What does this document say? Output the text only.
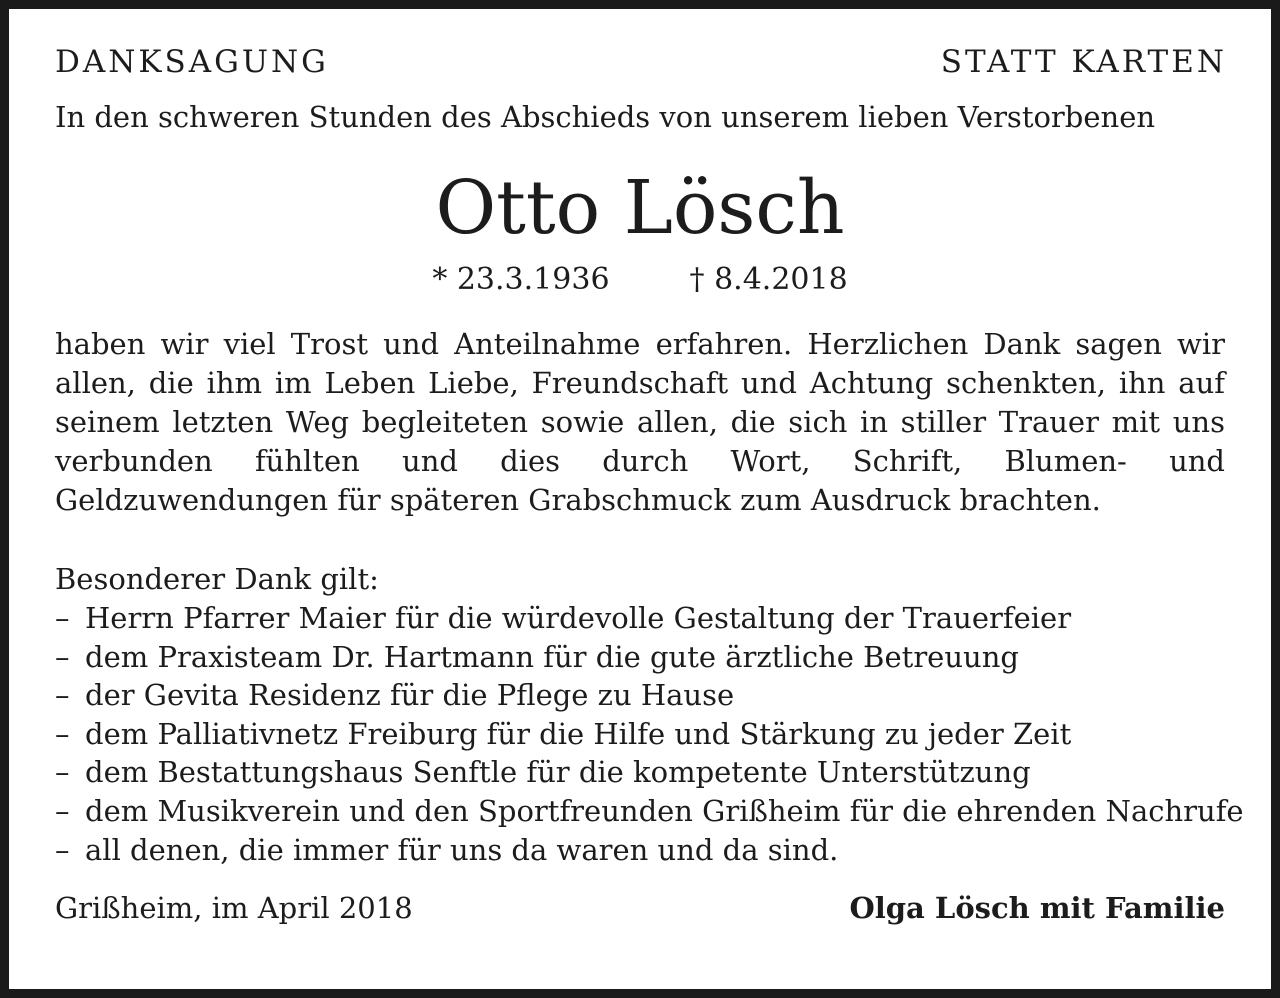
DANKSAGUNG	STATT KARTEN
In den schweren Stunden des Abschieds von unserem lieben Verstorbenen
Otto Lösch
* 23.3.1936	† 8.4.2018
haben wir viel Trost und Anteilnahme erfahren. Herzlichen Dank sagen wir allen, die ihm im Leben Liebe, Freundschaft und Achtung schenkten, ihn auf seinem letzten Weg begleiteten sowie allen, die sich in stiller Trauer mit uns verbunden fühlten und dies durch Wort, Schrift, Blumen- und Geldzuwendungen für späteren Grabschmuck zum Ausdruck brachten.
Besonderer Dank gilt:
– Herrn Pfarrer Maier für die würdevolle Gestaltung der Trauerfeier
– dem Praxisteam Dr. Hartmann für die gute ärztliche Betreuung
– der Gevita Residenz für die Pflege zu Hause
– dem Palliativnetz Freiburg für die Hilfe und Stärkung zu jeder Zeit
– dem Bestattungshaus Senftle für die kompetente Unterstützung
– dem Musikverein und den Sportfreunden Grißheim für die ehrenden Nachrufe
– all denen, die immer für uns da waren und da sind.
Grißheim, im April 2018	Olga Lösch mit Familie
